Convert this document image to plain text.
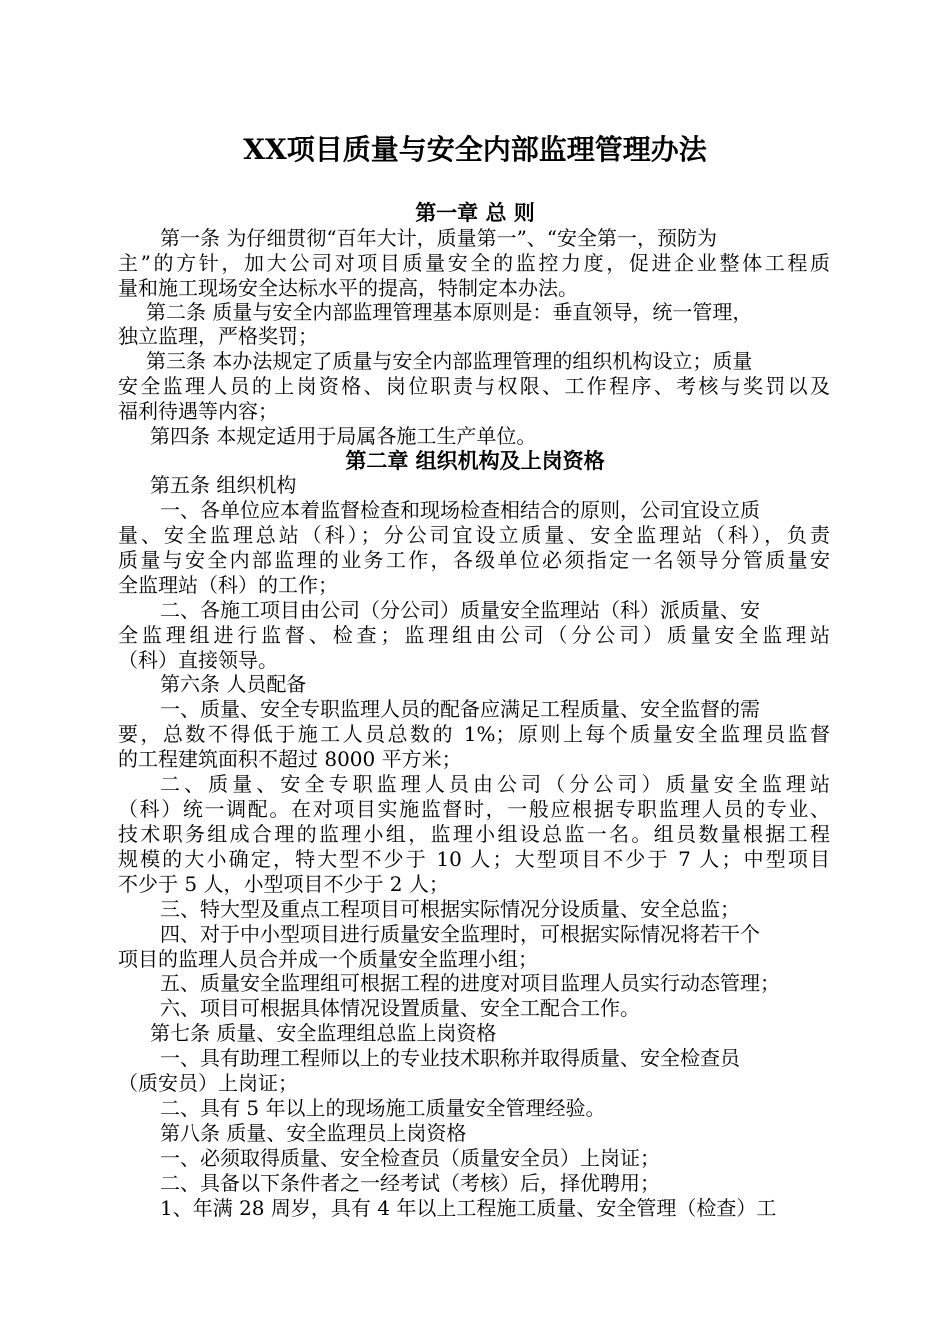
XX项目质量与安全内部监理管理办法
第一章 总 则
第一条 为仔细贯彻“百年大计，质量第一”、“安全第一，预防为
主”的方针，加大公司对项目质量安全的监控力度，促进企业整体工程质
量和施工现场安全达标水平的提高，特制定本办法。
第二条 质量与安全内部监理管理基本原则是：垂直领导，统一管理，
独立监理，严格奖罚；
第三条 本办法规定了质量与安全内部监理管理的组织机构设立；质量
安全监理人员的上岗资格、岗位职责与权限、工作程序、考核与奖罚以及
福利待遇等内容；
第四条 本规定适用于局属各施工生产单位。
第二章 组织机构及上岗资格
第五条 组织机构
一、各单位应本着监督检查和现场检查相结合的原则，公司宜设立质
量、安全监理总站（科）；分公司宜设立质量、安全监理站（科），负责
质量与安全内部监理的业务工作，各级单位必须指定一名领导分管质量安
全监理站（科）的工作；
二、各施工项目由公司（分公司）质量安全监理站（科）派质量、安
全监理组进行监督、检查；监理组由公司（分公司）质量安全监理站
（科）直接领导。
第六条 人员配备
一、质量、安全专职监理人员的配备应满足工程质量、安全监督的需
要，总数不得低于施工人员总数的 1%；原则上每个质量安全监理员监督
的工程建筑面积不超过 8000 平方米；
二、质量、安全专职监理人员由公司（分公司）质量安全监理站
（科）统一调配。在对项目实施监督时，一般应根据专职监理人员的专业、
技术职务组成合理的监理小组，监理小组设总监一名。组员数量根据工程
规模的大小确定，特大型不少于 10 人；大型项目不少于 7 人；中型项目
不少于 5 人，小型项目不少于 2 人；
三、特大型及重点工程项目可根据实际情况分设质量、安全总监；
四、对于中小型项目进行质量安全监理时，可根据实际情况将若干个
项目的监理人员合并成一个质量安全监理小组；
五、质量安全监理组可根据工程的进度对项目监理人员实行动态管理；
六、项目可根据具体情况设置质量、安全工配合工作。
第七条 质量、安全监理组总监上岗资格
一、具有助理工程师以上的专业技术职称并取得质量、安全检查员
（质安员）上岗证；
二、具有 5 年以上的现场施工质量安全管理经验。
第八条 质量、安全监理员上岗资格
一、必须取得质量、安全检查员（质量安全员）上岗证；
二、具备以下条件者之一经考试（考核）后，择优聘用；
1、年满 28 周岁，具有 4 年以上工程施工质量、安全管理（检查）工
